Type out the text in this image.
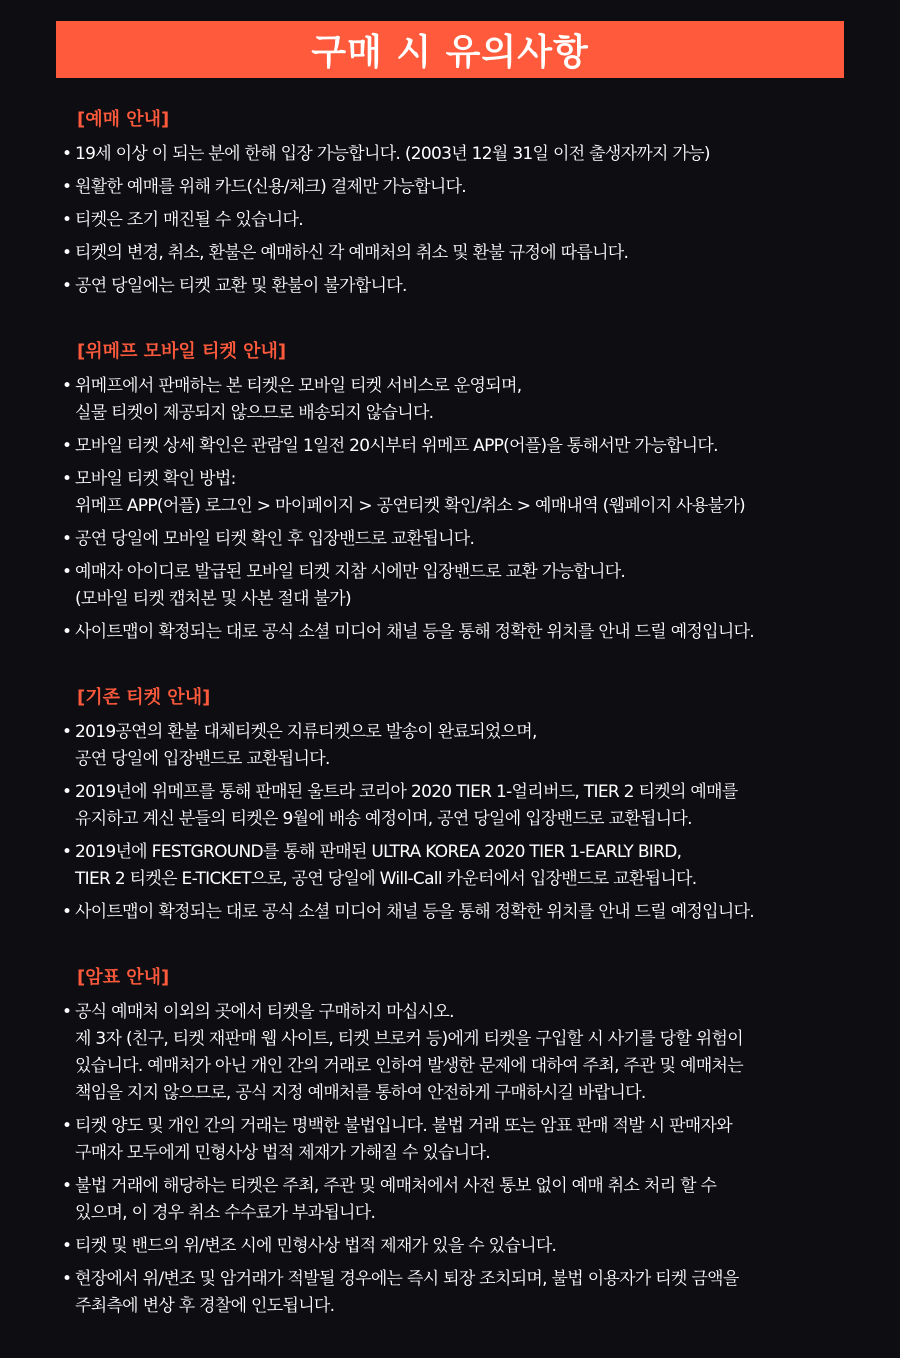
구매 시 유의사항
[예매 안내]
• 19세 이상 이 되는 분에 한해 입장 가능합니다. (2003년 12월 31일 이전 출생자까지 가능)
• 원활한 예매를 위해 카드(신용/체크) 결제만 가능합니다.
• 티켓은 조기 매진될 수 있습니다.
• 티켓의 변경, 취소, 환불은 예매하신 각 예매처의 취소 및 환불 규정에 따릅니다.
• 공연 당일에는 티켓 교환 및 환불이 불가합니다.
[위메프 모바일 티켓 안내]
• 위메프에서 판매하는 본 티켓은 모바일 티켓 서비스로 운영되며,
실물 티켓이 제공되지 않으므로 배송되지 않습니다.
• 모바일 티켓 상세 확인은 관람일 1일전 20시부터 위메프 APP(어플)을 통해서만 가능합니다.
• 모바일 티켓 확인 방법:
위메프 APP(어플) 로그인 > 마이페이지 > 공연티켓 확인/취소 > 예매내역 (웹페이지 사용불가)
• 공연 당일에 모바일 티켓 확인 후 입장밴드로 교환됩니다.
• 예매자 아이디로 발급된 모바일 티켓 지참 시에만 입장밴드로 교환 가능합니다.
(모바일 티켓 캡처본 및 사본 절대 불가)
• 사이트맵이 확정되는 대로 공식 소셜 미디어 채널 등을 통해 정확한 위치를 안내 드릴 예정입니다.
[기존 티켓 안내]
• 2019공연의 환불 대체티켓은 지류티켓으로 발송이 완료되었으며,
공연 당일에 입장밴드로 교환됩니다.
• 2019년에 위메프를 통해 판매된 울트라 코리아 2020 TIER 1-얼리버드, TIER 2 티켓의 예매를
유지하고 계신 분들의 티켓은 9월에 배송 예정이며, 공연 당일에 입장밴드로 교환됩니다.
• 2019년에 FESTGROUND를 통해 판매된 ULTRA KOREA 2020 TIER 1-EARLY BIRD,
TIER 2 티켓은 E-TICKET으로, 공연 당일에 Will-Call 카운터에서 입장밴드로 교환됩니다.
• 사이트맵이 확정되는 대로 공식 소셜 미디어 채널 등을 통해 정확한 위치를 안내 드릴 예정입니다.
[암표 안내]
• 공식 예매처 이외의 곳에서 티켓을 구매하지 마십시오.
제 3자 (친구, 티켓 재판매 웹 사이트, 티켓 브로커 등)에게 티켓을 구입할 시 사기를 당할 위험이
있습니다. 예매처가 아닌 개인 간의 거래로 인하여 발생한 문제에 대하여 주최, 주관 및 예매처는
책임을 지지 않으므로, 공식 지정 예매처를 통하여 안전하게 구매하시길 바랍니다.
• 티켓 양도 및 개인 간의 거래는 명백한 불법입니다. 불법 거래 또는 암표 판매 적발 시 판매자와
구매자 모두에게 민형사상 법적 제재가 가해질 수 있습니다.
• 불법 거래에 해당하는 티켓은 주최, 주관 및 예매처에서 사전 통보 없이 예매 취소 처리 할 수
있으며, 이 경우 취소 수수료가 부과됩니다.
• 티켓 및 밴드의 위/변조 시에 민형사상 법적 제재가 있을 수 있습니다.
• 현장에서 위/변조 및 암거래가 적발될 경우에는 즉시 퇴장 조치되며, 불법 이용자가 티켓 금액을
주최측에 변상 후 경찰에 인도됩니다.
